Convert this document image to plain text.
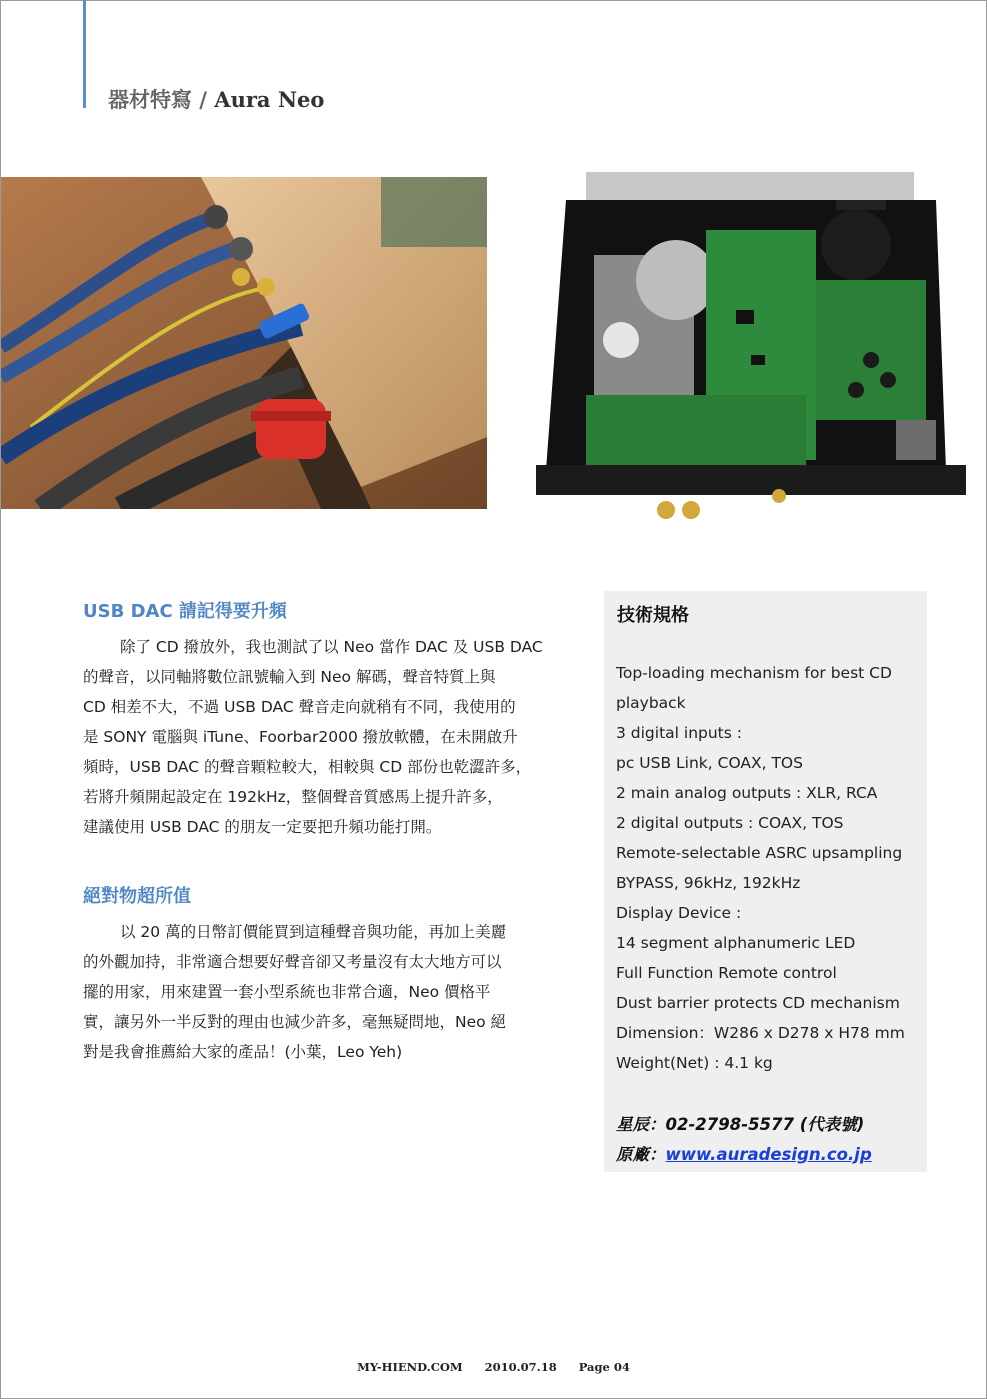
器材特寫 / Aura Neo
USB DAC 請記得要升頻
除了 CD 撥放外，我也測試了以 Neo 當作 DAC 及 USB DAC
的聲音，以同軸將數位訊號輸入到 Neo 解碼，聲音特質上與
CD 相差不大，不過 USB DAC 聲音走向就稍有不同，我使用的
是 SONY 電腦與 iTune、Foorbar2000 撥放軟體，在未開啟升
頻時，USB DAC 的聲音顆粒較大，相較與 CD 部份也乾澀許多，
若將升頻開起設定在 192kHz，整個聲音質感馬上提升許多，
建議使用 USB DAC 的朋友一定要把升頻功能打開。
絕對物超所值
以 20 萬的日幣訂價能買到這種聲音與功能，再加上美麗
的外觀加持，非常適合想要好聲音卻又考量沒有太大地方可以
擺的用家，用來建置一套小型系統也非常合適，Neo 價格平
實，讓另外一半反對的理由也減少許多，毫無疑問地，Neo 絕
對是我會推薦給大家的產品！(小葉，Leo Yeh)
技術規格
Top-loading mechanism for best CD
playback
3 digital inputs :
pc USB Link, COAX, TOS
2 main analog outputs : XLR, RCA
2 digital outputs : COAX, TOS
Remote-selectable ASRC upsampling
BYPASS, 96kHz, 192kHz
Display Device :
14 segment alphanumeric LED
Full Function Remote control
Dust barrier protects CD mechanism
Dimension：W286 x D278 x H78 mm
Weight(Net) : 4.1 kg
星辰：02-2798-5577 (代表號)
原廠：www.auradesign.co.jp
MY-HIEND.COM 2010.07.18 Page 04
